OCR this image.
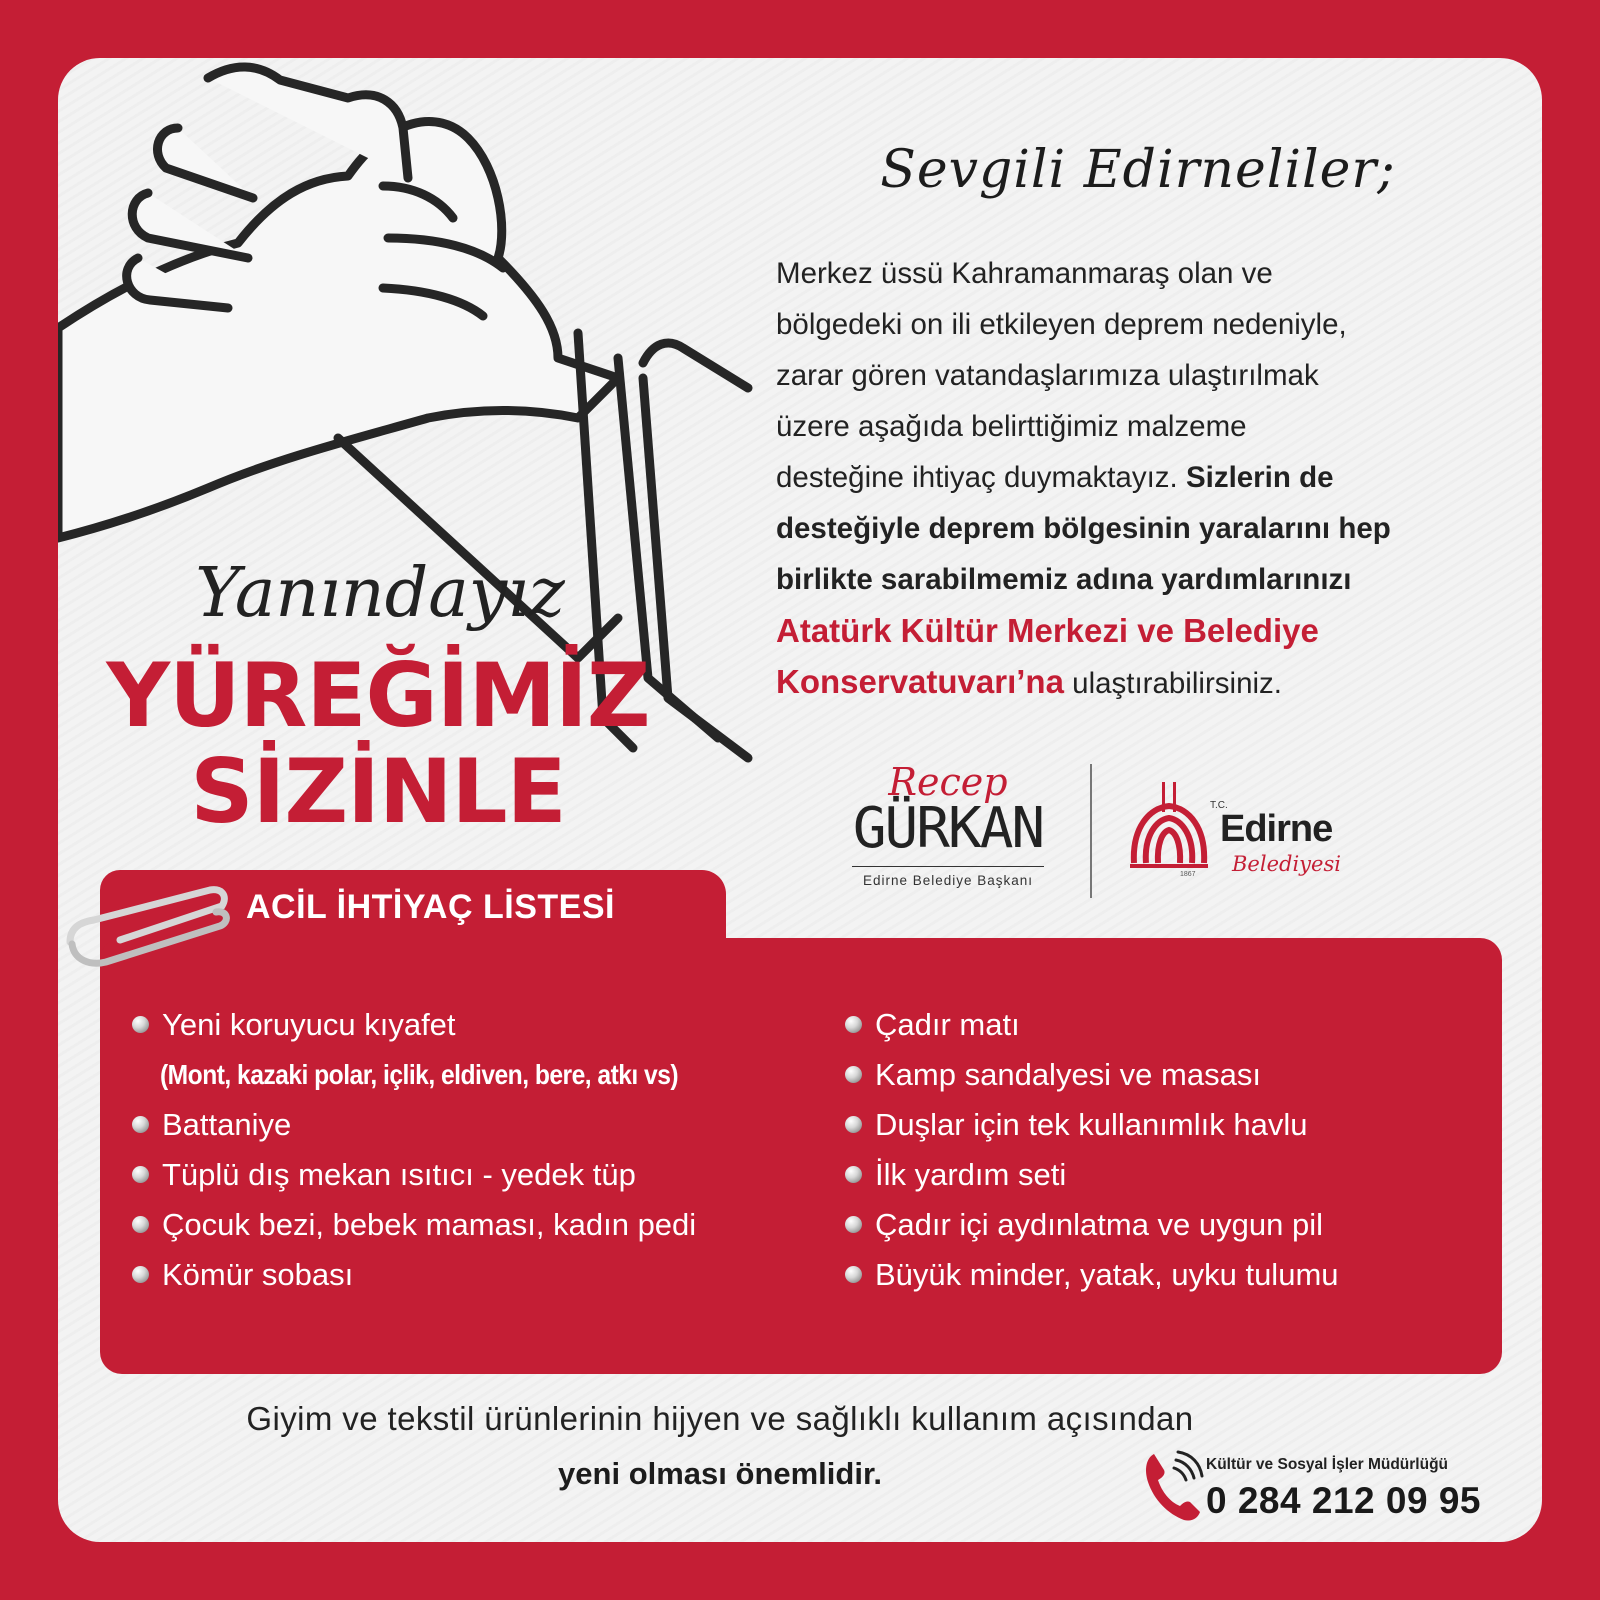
Sevgili Edirneliler;
Merkez üssü Kahramanmaraş olan ve
bölgedeki on ili etkileyen deprem nedeniyle,
zarar gören vatandaşlarımıza ulaştırılmak
üzere aşağıda belirttiğimiz malzeme
desteğine ihtiyaç duymaktayız. Sizlerin de
desteğiyle deprem bölgesinin yaralarını hep
birlikte sarabilmemiz adına yardımlarınızı
Atatürk Kültür Merkezi ve Belediye
Konservatuvarı’na ulaştırabilirsiniz.
Yanındayız
YÜREĞİMİZ
SİZİNLE	Recep
GÜRKAN
Edirne Belediye Başkanı	1867
T.C.
Edirne
Belediyesi
ACİL İHTİYAÇ LİSTESİ
Yeni koruyucu kıyafet
(Mont, kazaki polar, içlik, eldiven, bere, atkı vs)
Battaniye
Tüplü dış mekan ısıtıcı - yedek tüp
Çocuk bezi, bebek maması, kadın pedi
Kömür sobası
Çadır matı
Kamp sandalyesi ve masası
Duşlar için tek kullanımlık havlu
İlk yardım seti
Çadır içi aydınlatma ve uygun pil
Büyük minder, yatak, uyku tulumu
Giyim ve tekstil ürünlerinin hijyen ve sağlıklı kullanım açısından
yeni olması önemlidir.	Kültür ve Sosyal İşler Müdürlüğü
0 284 212 09 95
